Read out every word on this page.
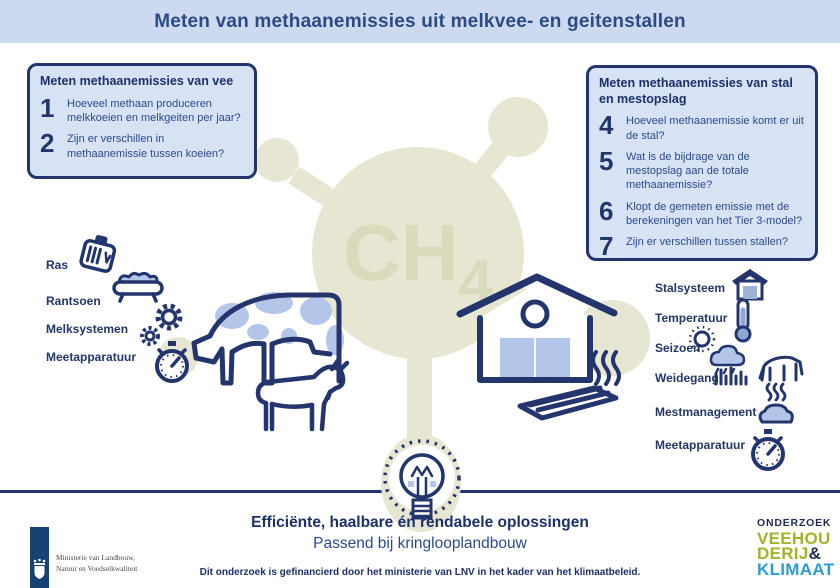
Meten van methaanemissies uit melkvee- en geitenstallen
CH 4
Meten methaanemissies van vee
1	Hoeveel methaan produceren melkkoeien en melkgeiten per jaar?
2	Zijn er verschillen in methaanemissie tussen koeien?
Meten methaanemissies van stal en mestopslag
4	Hoeveel methaanemissie komt er uit de stal?
5	Wat is de bijdrage van de mestopslag aan de totale methaanemissie?
6	Klopt de gemeten emissie met de berekeningen van het Tier 3-model?
7	Zijn er verschillen tussen stallen?
Ras
Rantsoen
Melksystemen
Meetapparatuur
Stalsysteem
Temperatuur
Seizoen
Weidegang
Mestmanagement
Meetapparatuur
Efficiënte, haalbare én rendabele oplossingen
Passend bij kringlooplandbouw
Dit onderzoek is gefinancierd door het ministerie van LNV in het kader van het klimaatbeleid.
Ministerie van Landbouw,
Natuur en Voedselkwaliteit
ONDERZOEK
VEEHOU
DERIJ&
KLIMAAT
